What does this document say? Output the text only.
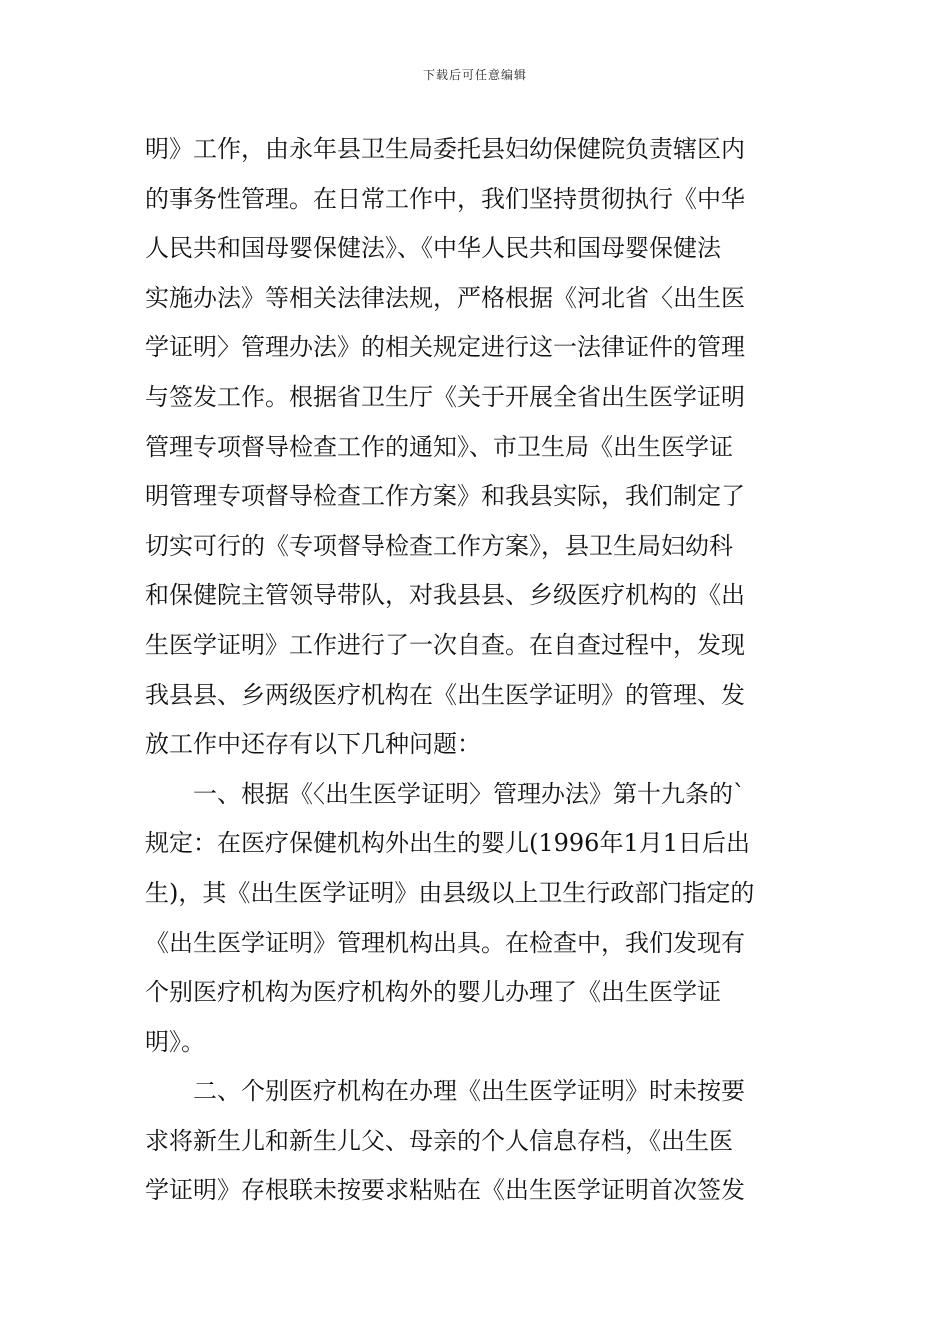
下载后可任意编辑
明》工作，由永年县卫生局委托县妇幼保健院负责辖区内
的事务性管理。在日常工作中，我们坚持贯彻执行《中华
人民共和国母婴保健法》、《中华人民共和国母婴保健法
实施办法》等相关法律法规，严格根据《河北省〈出生医
学证明〉管理办法》的相关规定进行这一法律证件的管理
与签发工作。根据省卫生厅《关于开展全省出生医学证明
管理专项督导检查工作的通知》、市卫生局《出生医学证
明管理专项督导检查工作方案》和我县实际，我们制定了
切实可行的《专项督导检查工作方案》，县卫生局妇幼科
和保健院主管领导带队，对我县县、乡级医疗机构的《出
生医学证明》工作进行了一次自查。在自查过程中，发现
我县县、乡两级医疗机构在《出生医学证明》的管理、发
放工作中还存有以下几种问题：
一、根据《〈出生医学证明〉管理办法》第十九条的`
规定：在医疗保健机构外出生的婴儿(1996年1月1日后出
生)，其《出生医学证明》由县级以上卫生行政部门指定的
《出生医学证明》管理机构出具。在检查中，我们发现有
个别医疗机构为医疗机构外的婴儿办理了《出生医学证
明》。
二、个别医疗机构在办理《出生医学证明》时未按要
求将新生儿和新生儿父、母亲的个人信息存档，《出生医
学证明》存根联未按要求粘贴在《出生医学证明首次签发
